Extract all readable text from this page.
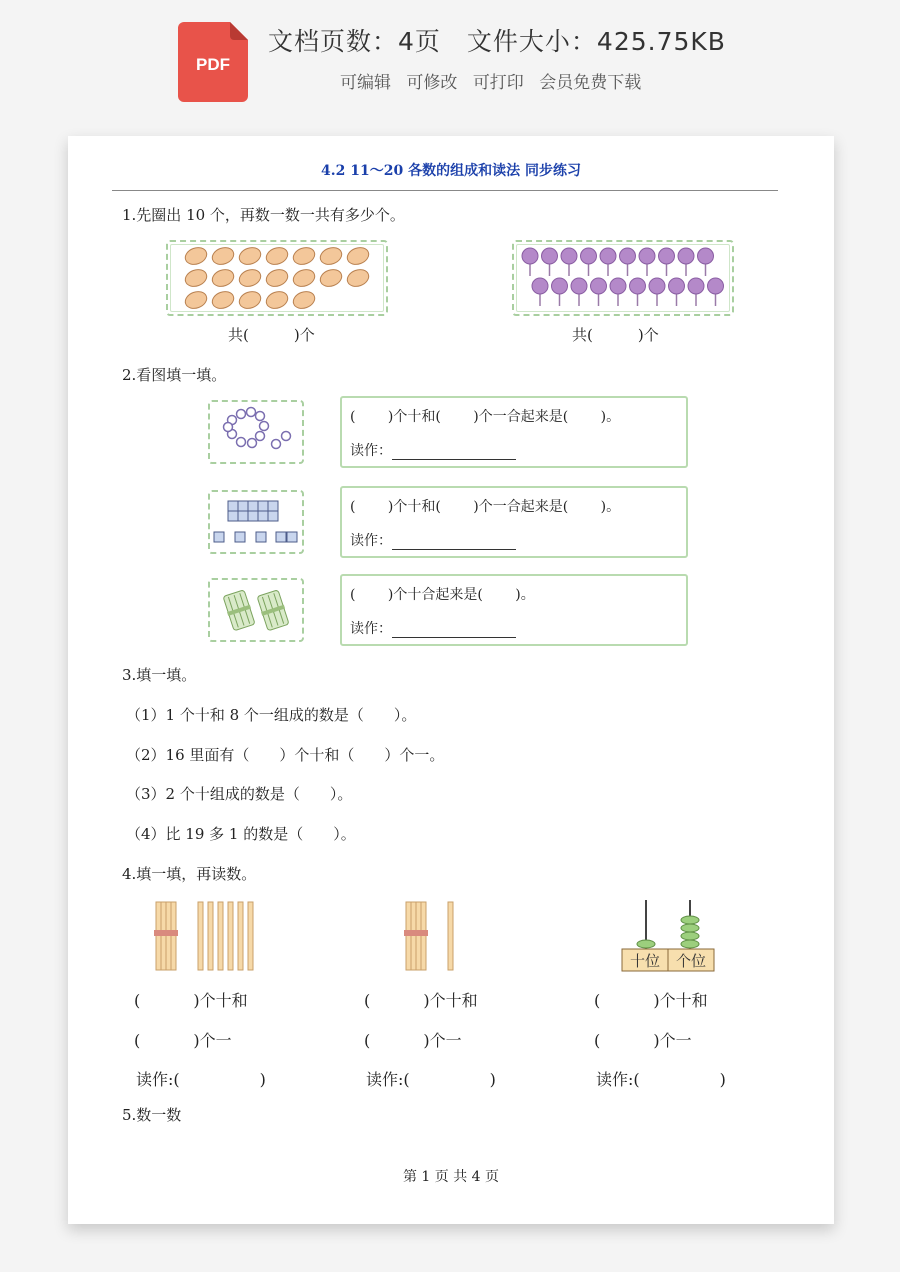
PDF
文档页数：4页　文件大小：425.75KB
可编辑 可修改 可打印 会员免费下载
4.2 11～20 各数的组成和读法 同步练习
1.先圈出 10 个，再数一数一共有多少个。
共(　　　)个	共(　　　)个
2.看图填一填。
(　　 )个十和(　　 )个一合起来是(　　 )。
读作：
(　　 )个十和(　　 )个一合起来是(　　 )。
读作：
(　　 )个十合起来是(　　 )。
读作：
3.填一填。
（1）1 个十和 8 个一组成的数是（　　）。
（2）16 里面有（　　）个十和（　　）个一。
（3）2 个十组成的数是（　　）。
（4）比 19 多 1 的数是（　　）。
4.填一填，再读数。
十位 个位
(　　　 )个十和
(　　　 )个一
读作:(　　　　　)
(　　　 )个十和
(　　　 )个一
读作:(　　　　　)
(　　　 )个十和
(　　　 )个一
读作:(　　　　　)
5.数一数
第 1 页 共 4 页
